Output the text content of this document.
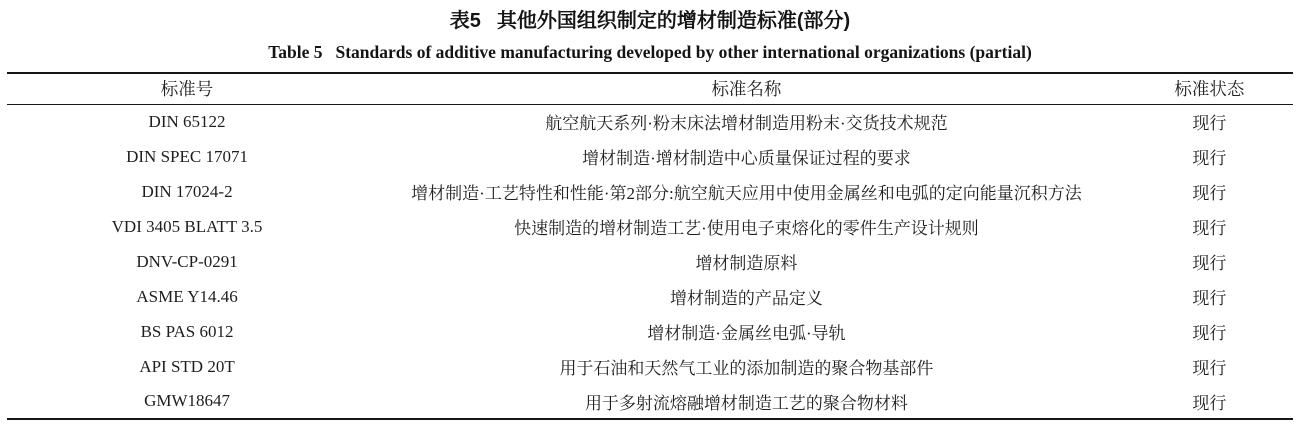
表5 其他外国组织制定的增材制造标准(部分)
Table 5 Standards of additive manufacturing developed by other international organizations (partial)
标准号	标准名称	标准状态
DIN 65122	航空航天系列·粉末床法增材制造用粉末·交货技术规范	现行
DIN SPEC 17071	增材制造·增材制造中心质量保证过程的要求	现行
DIN 17024-2	增材制造·工艺特性和性能·第2部分:航空航天应用中使用金属丝和电弧的定向能量沉积方法	现行
VDI 3405 BLATT 3.5	快速制造的增材制造工艺·使用电子束熔化的零件生产设计规则	现行
DNV-CP-0291	增材制造原料	现行
ASME Y14.46	增材制造的产品定义	现行
BS PAS 6012	增材制造·金属丝电弧·导轨	现行
API STD 20T	用于石油和天然气工业的添加制造的聚合物基部件	现行
GMW18647	用于多射流熔融增材制造工艺的聚合物材料	现行
